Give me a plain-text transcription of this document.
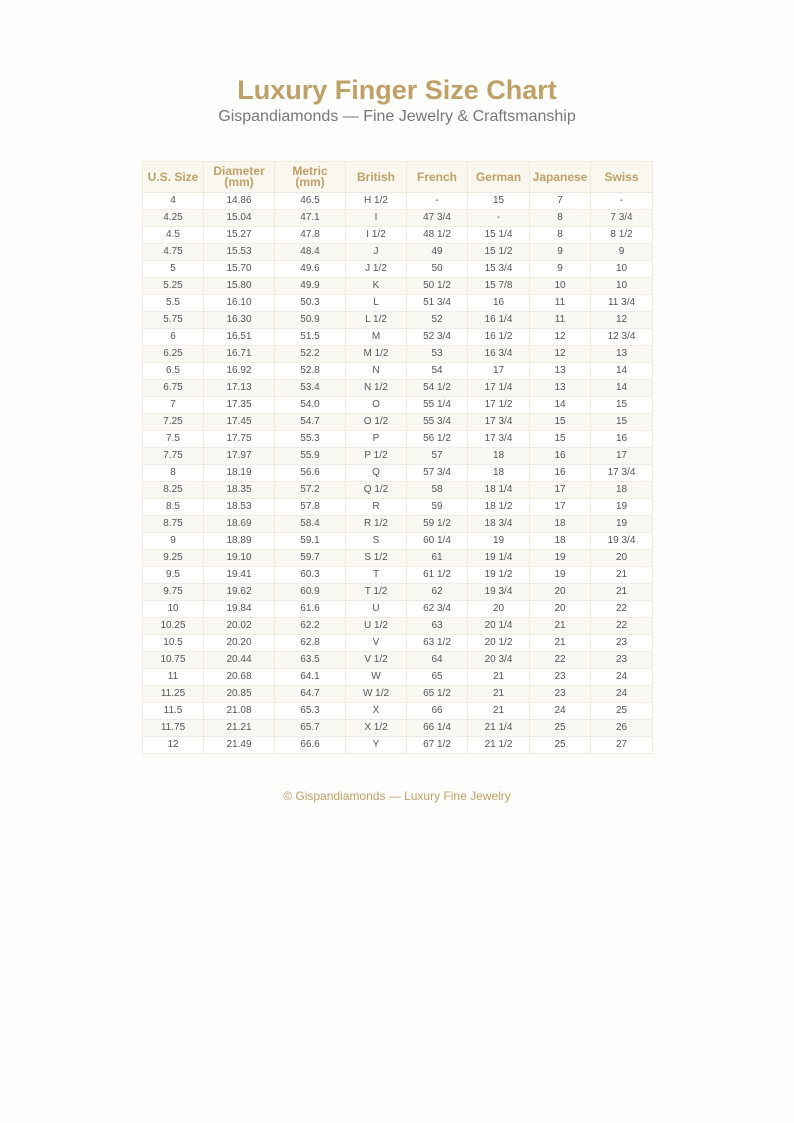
Luxury Finger Size Chart
Gispandiamonds — Fine Jewelry & Craftsmanship
U.S. Size	Diameter (mm)	Metric (mm)	British	French	German	Japanese	Swiss
4	14.86	46.5	H 1/2	-	15	7	-
4.25	15.04	47.1	I	47 3/4	-	8	7 3/4
4.5	15.27	47.8	I 1/2	48 1/2	15 1/4	8	8 1/2
4.75	15.53	48.4	J	49	15 1/2	9	9
5	15.70	49.6	J 1/2	50	15 3/4	9	10
5.25	15.80	49.9	K	50 1/2	15 7/8	10	10
5.5	16.10	50.3	L	51 3/4	16	11	11 3/4
5.75	16.30	50.9	L 1/2	52	16 1/4	11	12
6	16.51	51.5	M	52 3/4	16 1/2	12	12 3/4
6.25	16.71	52.2	M 1/2	53	16 3/4	12	13
6.5	16.92	52.8	N	54	17	13	14
6.75	17.13	53.4	N 1/2	54 1/2	17 1/4	13	14
7	17.35	54.0	O	55 1/4	17 1/2	14	15
7.25	17.45	54.7	O 1/2	55 3/4	17 3/4	15	15
7.5	17.75	55.3	P	56 1/2	17 3/4	15	16
7.75	17.97	55.9	P 1/2	57	18	16	17
8	18.19	56.6	Q	57 3/4	18	16	17 3/4
8.25	18.35	57.2	Q 1/2	58	18 1/4	17	18
8.5	18.53	57.8	R	59	18 1/2	17	19
8.75	18.69	58.4	R 1/2	59 1/2	18 3/4	18	19
9	18.89	59.1	S	60 1/4	19	18	19 3/4
9.25	19.10	59.7	S 1/2	61	19 1/4	19	20
9.5	19.41	60.3	T	61 1/2	19 1/2	19	21
9.75	19.62	60.9	T 1/2	62	19 3/4	20	21
10	19.84	61.6	U	62 3/4	20	20	22
10.25	20.02	62.2	U 1/2	63	20 1/4	21	22
10.5	20.20	62.8	V	63 1/2	20 1/2	21	23
10.75	20.44	63.5	V 1/2	64	20 3/4	22	23
11	20.68	64.1	W	65	21	23	24
11.25	20.85	64.7	W 1/2	65 1/2	21	23	24
11.5	21.08	65.3	X	66	21	24	25
11.75	21.21	65.7	X 1/2	66 1/4	21 1/4	25	26
12	21.49	66.6	Y	67 1/2	21 1/2	25	27
© Gispandiamonds — Luxury Fine Jewelry
